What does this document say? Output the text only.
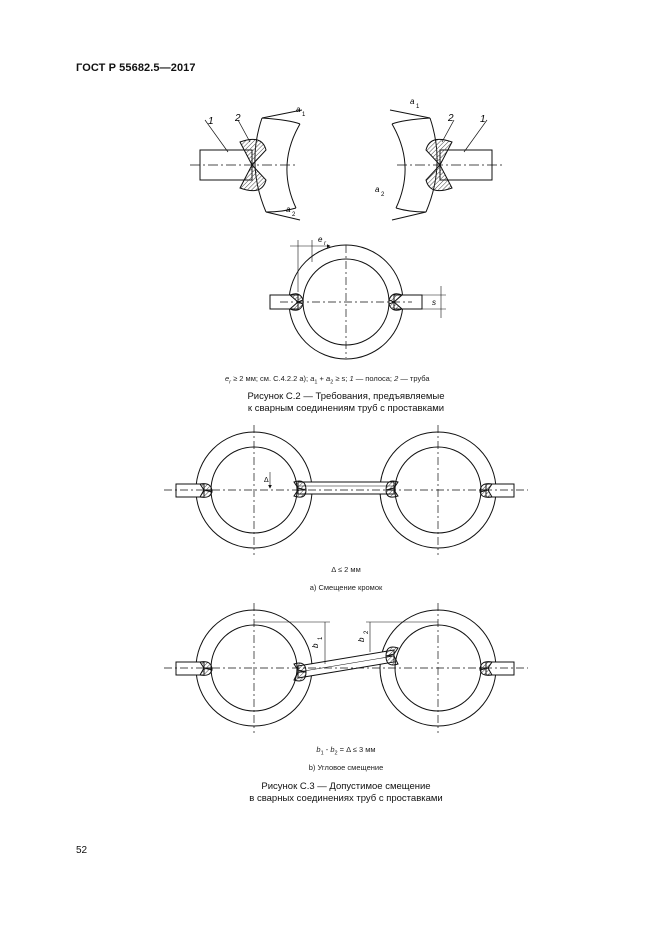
ГОСТ Р 55682.5—2017
1 2
a
1
a
2
1
2
a
1
a
2
e r
s
Δ
b
1	b
2
$e_r \ge 2$ мм; см. С.4.2.2 а); $a_1 + a_2 \ge s$; 1 — полоса; 2 — труба
Рисунок С.2 — Требования, предъявляемые
к сварным соединениям труб с проставками
Δ ≤ 2 мм
a) Смещение кромок
$b_1 - b_2 = \Delta \le 3$ мм
b) Угловое смещение
Рисунок С.3 — Допустимое смещение
в сварных соединениях труб с проставками
52
